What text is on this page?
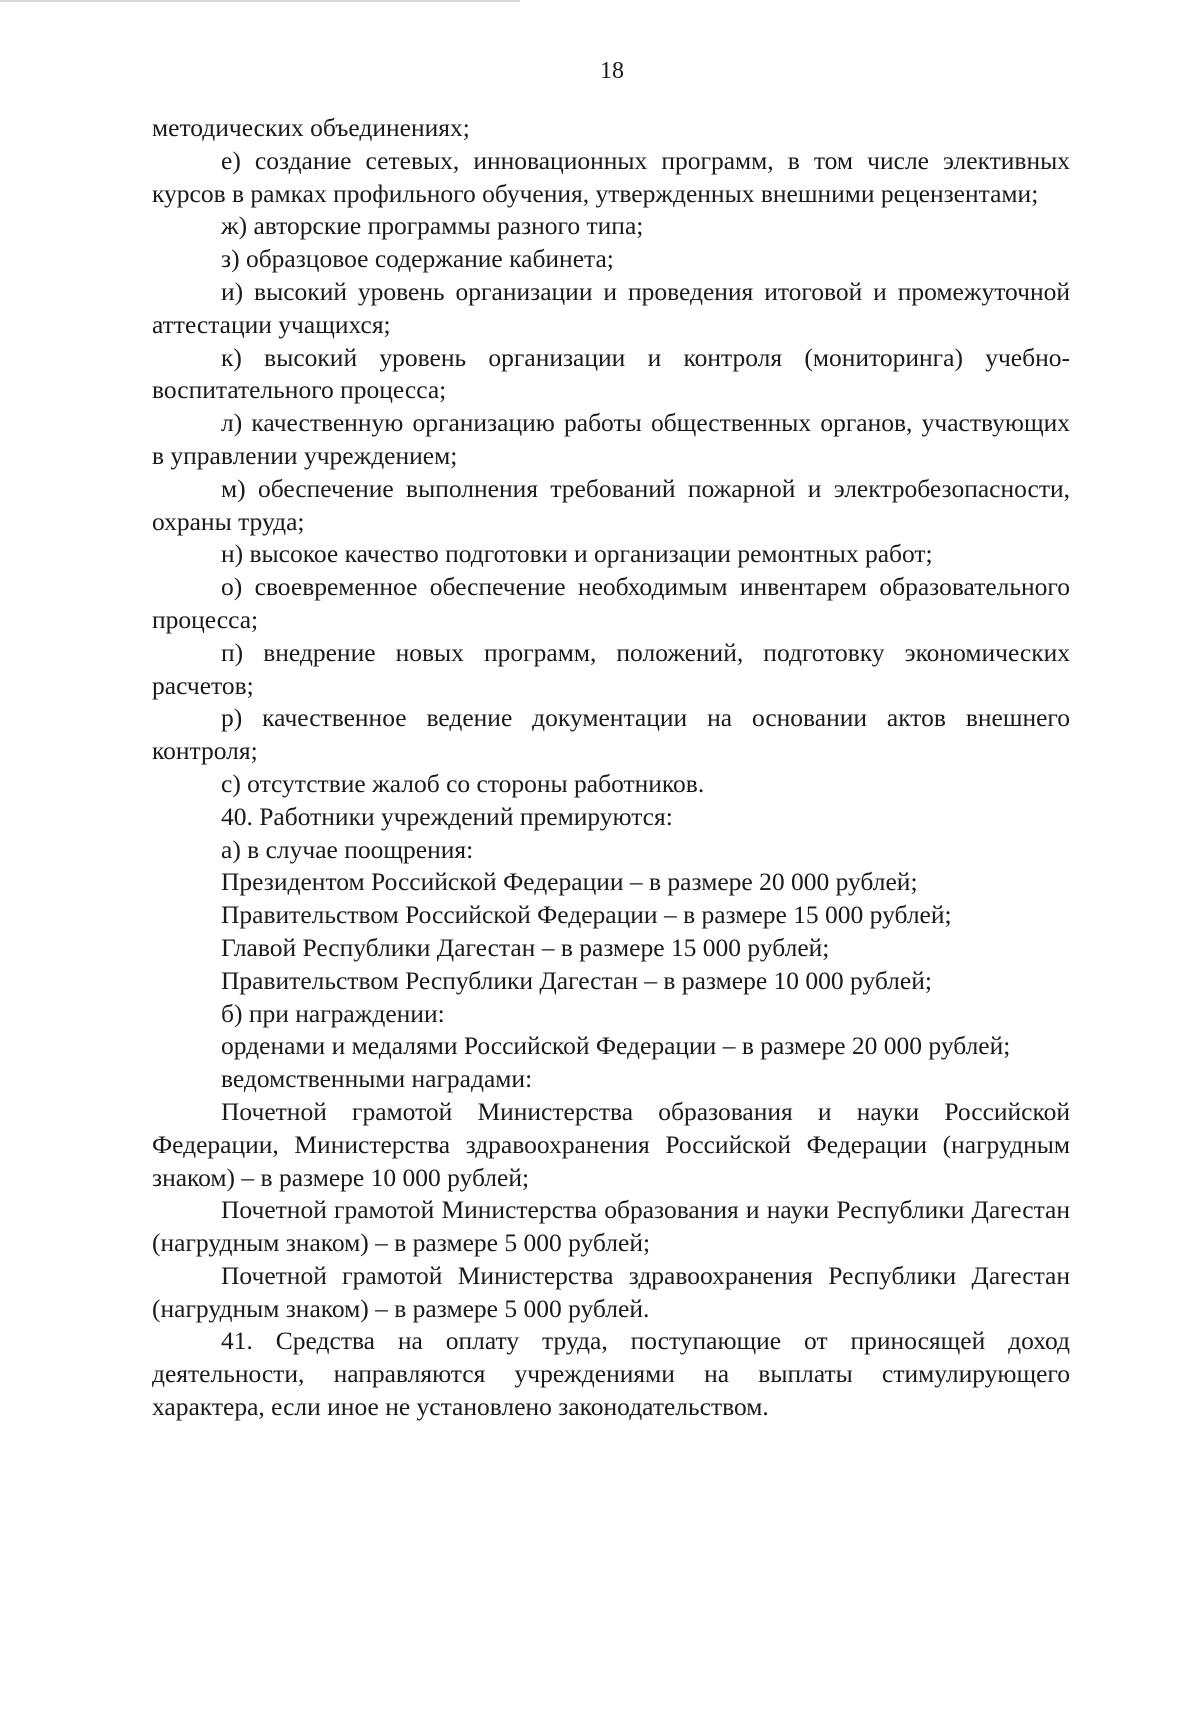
18

методических объединениях;

е) создание сетевых, инновационных программ, в том числе элективных курсов в рамках профильного обучения, утвержденных внешними рецензентами;

ж) авторские программы разного типа;

з) образцовое содержание кабинета;

и) высокий уровень организации и проведения итоговой и промежуточной аттестации учащихся;

к) высокий уровень организации и контроля (мониторинга) учебно-воспитательного процесса;

л) качественную организацию работы общественных органов, участвующих в управлении учреждением;

м) обеспечение выполнения требований пожарной и электробезопасности, охраны труда;

н) высокое качество подготовки и организации ремонтных работ;

о) своевременное обеспечение необходимым инвентарем образовательного процесса;

п) внедрение новых программ, положений, подготовку экономических расчетов;

р) качественное ведение документации на основании актов внешнего контроля;

с) отсутствие жалоб со стороны работников.

40. Работники учреждений премируются:

а) в случае поощрения:

Президентом Российской Федерации – в размере 20 000 рублей;

Правительством Российской Федерации – в размере 15 000 рублей;

Главой Республики Дагестан – в размере 15 000 рублей;

Правительством Республики Дагестан – в размере 10 000 рублей;

б) при награждении:

орденами и медалями Российской Федерации – в размере 20 000 рублей;

ведомственными наградами:

Почетной грамотой Министерства образования и науки Российской Федерации, Министерства здравоохранения Российской Федерации (нагрудным знаком) – в размере 10 000 рублей;

Почетной грамотой Министерства образования и науки Республики Дагестан (нагрудным знаком) – в размере 5 000 рублей;

Почетной грамотой Министерства здравоохранения Республики Дагестан (нагрудным знаком) – в размере 5 000 рублей.

41. Средства на оплату труда, поступающие от приносящей доход деятельности, направляются учреждениями на выплаты стимулирующего характера, если иное не установлено законодательством.
